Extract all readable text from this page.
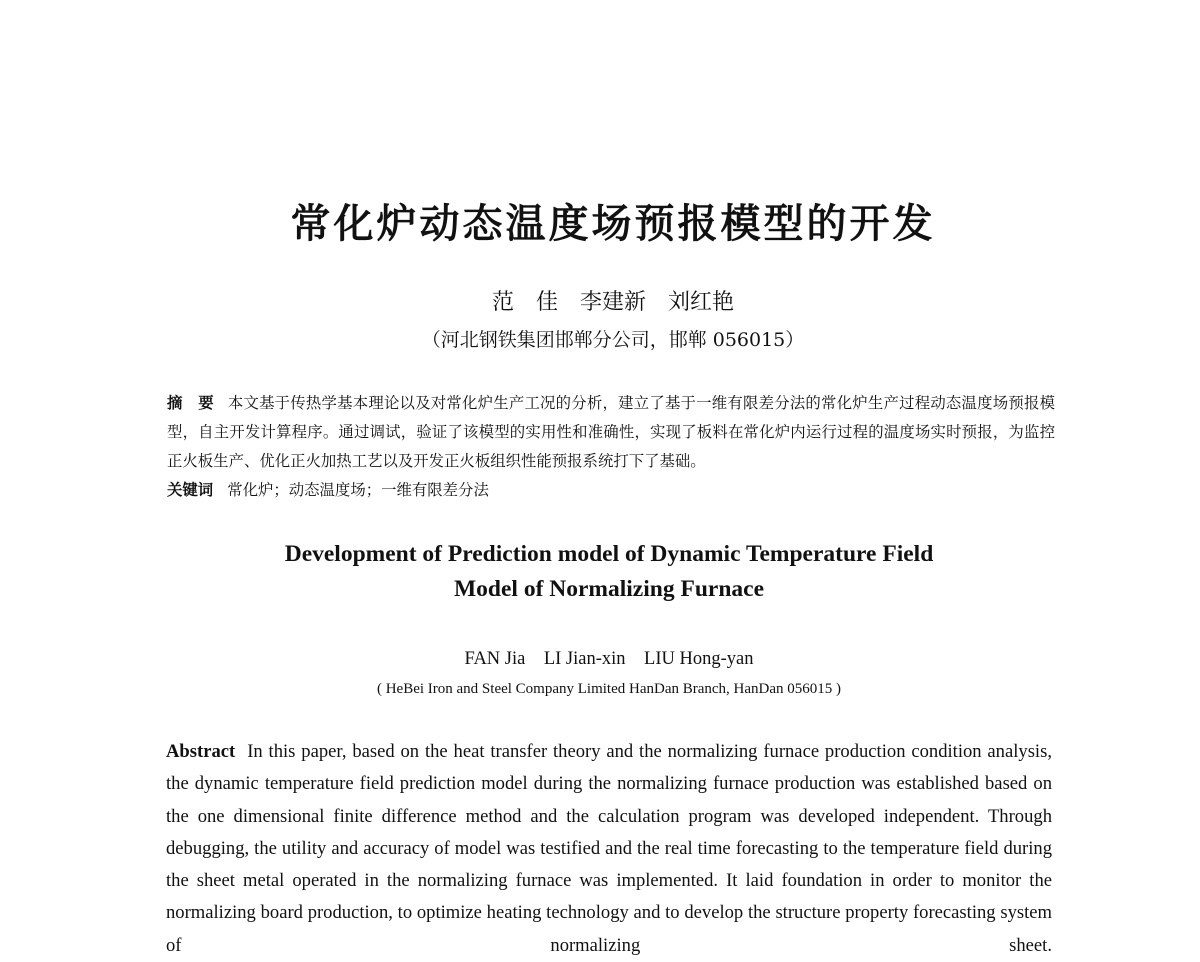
常化炉动态温度场预报模型的开发
范　佳　李建新　刘红艳
（河北钢铁集团邯郸分公司，邯郸 056015）
摘　要 本文基于传热学基本理论以及对常化炉生产工况的分析，建立了基于一维有限差分法的常化炉生产过程动态温度场预报模型，自主开发计算程序。通过调试，验证了该模型的实用性和准确性，实现了板料在常化炉内运行过程的温度场实时预报，为监控正火板生产、优化正火加热工艺以及开发正火板组织性能预报系统打下了基础。
关键词 常化炉；动态温度场；一维有限差分法
Development of Prediction model of Dynamic Temperature Field
Model of Normalizing Furnace
FAN Jia    LI Jian-xin    LIU Hong-yan
( HeBei Iron and Steel Company Limited HanDan Branch, HanDan 056015 )
Abstract In this paper, based on the heat transfer theory and the normalizing furnace production condition analysis, the dynamic temperature field prediction model during the normalizing furnace production was established based on the one dimensional finite difference method and the calculation program was developed independent. Through debugging, the utility and accuracy of model was testified and the real time forecasting to the temperature field during the sheet metal operated in the normalizing furnace was implemented. It laid foundation in order to monitor the normalizing board production, to optimize heating technology and to develop the structure property forecasting system of normalizing sheet.
